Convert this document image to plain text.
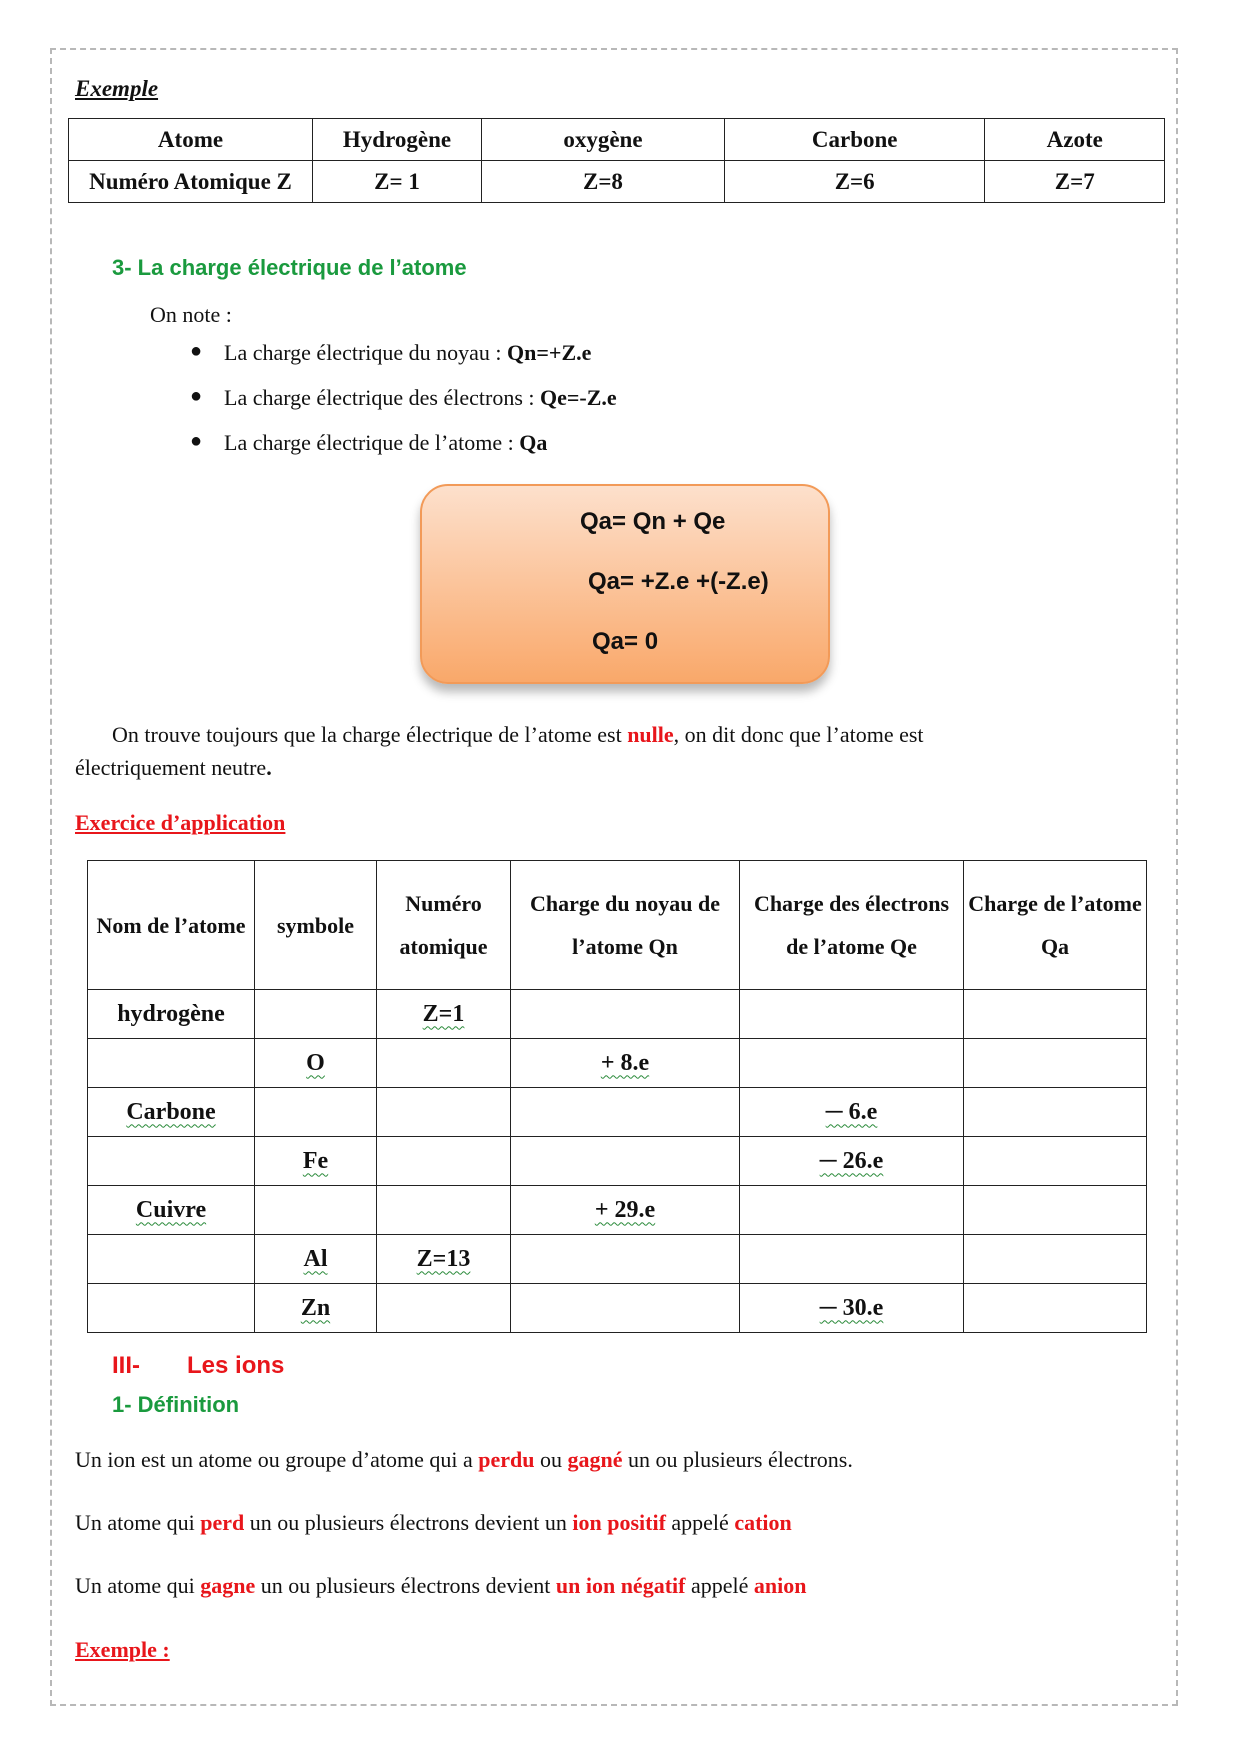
Exemple
Atome	Hydrogène	oxygène	Carbone	Azote
Numéro Atomique Z	Z= 1	Z=8	Z=6	Z=7
3- La charge électrique de l’atome
On note :
● La charge électrique du noyau : Qn=+Z.e
● La charge électrique des électrons : Qe=-Z.e
● La charge électrique de l’atome : Qa
Qa= Qn + Qe
Qa= +Z.e +(-Z.e)
Qa= 0
On trouve toujours que la charge électrique de l’atome est nulle, on dit donc que l’atome est
électriquement neutre.
Exercice d’application
Nom de l’atome	symbole	Numéro atomique	Charge du noyau de l’atome Qn	Charge des électrons de l’atome Qe	Charge de l’atome Qa
hydrogène		Z=1			
	O		+ 8.e		
Carbone				─ 6.e	
	Fe			─ 26.e	
Cuivre			+ 29.e		
	Al	Z=13			
	Zn			─ 30.e	
III- Les ions
1- Définition
Un ion est un atome ou groupe d’atome qui a perdu ou gagné un ou plusieurs électrons.
Un atome qui perd un ou plusieurs électrons devient un ion positif appelé cation
Un atome qui gagne un ou plusieurs électrons devient un ion négatif appelé anion
Exemple :
